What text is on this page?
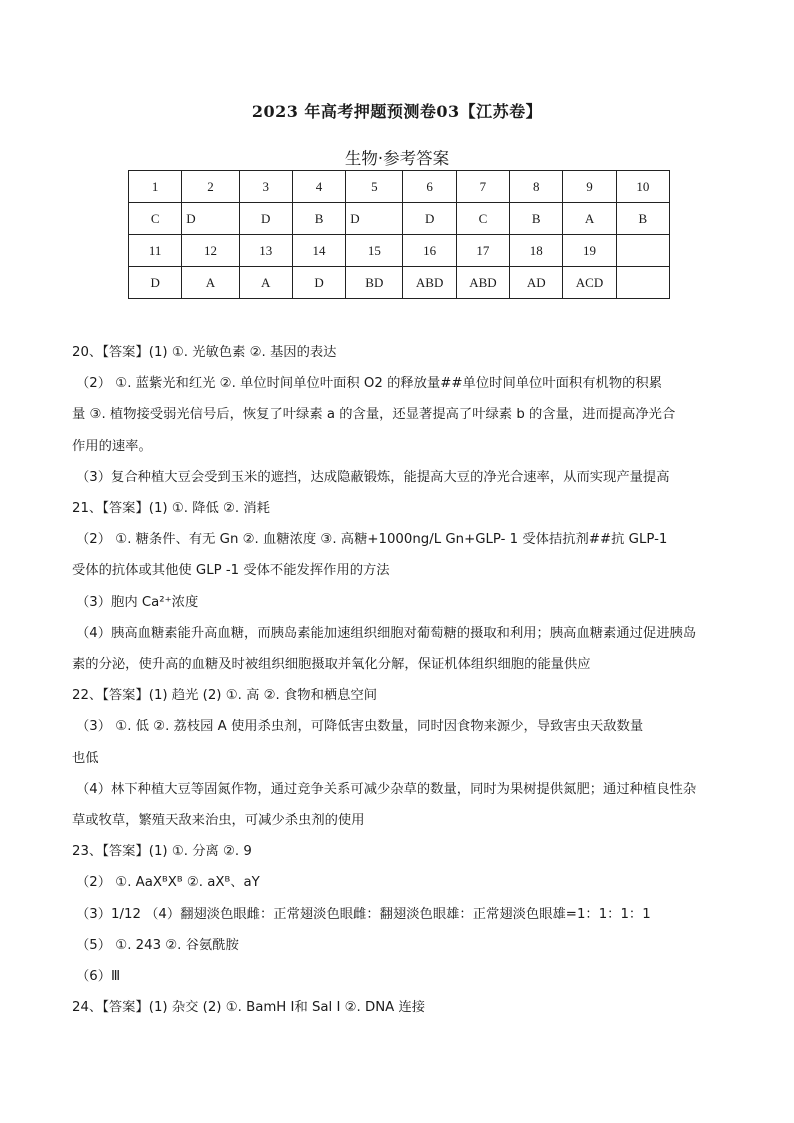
2023 年高考押题预测卷03【江苏卷】
生物·参考答案
1	2	3	4	5	6	7	8	9	10
C	D	D	B	D	D	C	B	A	B
11	12	13	14	15	16	17	18	19	
D	A	A	D	BD	ABD	ABD	AD	ACD	
20、【答案】(1) ①. 光敏色素 ②. 基因的表达
（2） ①. 蓝紫光和红光 ②. 单位时间单位叶面积 O2 的释放量##单位时间单位叶面积有机物的积累
量 ③. 植物接受弱光信号后，恢复了叶绿素 a 的含量，还显著提高了叶绿素 b 的含量，进而提高净光合
作用的速率。
（3）复合种植大豆会受到玉米的遮挡，达成隐蔽锻炼，能提高大豆的净光合速率，从而实现产量提高
21、【答案】(1) ①. 降低 ②. 消耗
（2） ①. 糖条件、有无 Gn ②. 血糖浓度 ③. 高糖+1000ng/L Gn+GLP- 1 受体拮抗剂##抗 GLP-1
受体的抗体或其他使 GLP -1 受体不能发挥作用的方法
（3）胞内 Ca²⁺浓度
（4）胰高血糖素能升高血糖，而胰岛素能加速组织细胞对葡萄糖的摄取和利用；胰高血糖素通过促进胰岛
素的分泌，使升高的血糖及时被组织细胞摄取并氧化分解，保证机体组织细胞的能量供应
22、【答案】(1) 趋光 (2) ①. 高 ②. 食物和栖息空间
（3） ①. 低 ②. 荔枝园 A 使用杀虫剂，可降低害虫数量，同时因食物来源少，导致害虫天敌数量
也低
（4）林下种植大豆等固氮作物，通过竞争关系可减少杂草的数量，同时为果树提供氮肥；通过种植良性杂
草或牧草，繁殖天敌来治虫，可减少杀虫剂的使用
23、【答案】(1) ①. 分离 ②. 9
（2） ①. AaXᴮXᴮ ②. aXᴮ、aY
（3）1/12 （4）翻翅淡色眼雌：正常翅淡色眼雌：翻翅淡色眼雄：正常翅淡色眼雄=1：1：1：1
（5） ①. 243 ②. 谷氨酰胺
（6）Ⅲ
24、【答案】(1) 杂交 (2) ①. BamH Ⅰ和 Sal Ⅰ ②. DNA 连接
